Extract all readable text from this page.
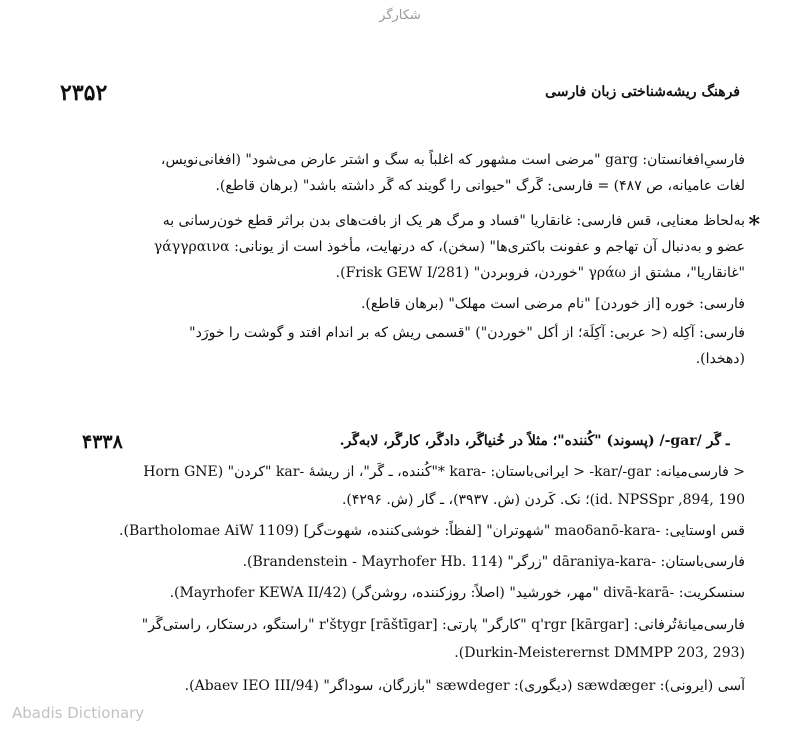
شکارگر
فرهنگ ریشه‌شناختی زبان فارسی
۲۳۵۲
فارسیِ‌افغانستان: garg "مرضی است مشهور که اغلباً به سگ و اشتر عارض می‌شود" (افغانی‌نویس،
لغات عامیانه، ص ۴۸۷) = فارسی: گَرگ "حیوانی را گویند که گَر داشته باشد" (برهان قاطع).
*
به‌لحاظ معنایی، قس فارسی: غانقاریا "فساد و مرگ هر یک از بافت‌های بدن براثر قطع خون‌رسانی به
عضو و به‌دنبال آن تهاجم و عفونت باکتری‌ها" (سخن)، که درنهایت، مأخوذ است از یونانی: γάγγραινα
"غانقاریا"، مشتق از γράω "خوردن، فروبردن" (Frisk GEW I/281).
فارسی: خوره [از خوردن] "نام مرضی است مهلک" (برهان قاطع).
فارسی: آکِله (< عربی: آکِلَة؛ از أکل "خوردن") "قسمی ریش که بر اندام افتد و گوشت را خورَد"
(دهخدا).
۴۳۳۸	ـ گَر /gar-/ (پسوند) "کُننده"؛ مثلاً در خُنیاگَر، دادگَر، کارگَر، لابه‌گَر.
< فارسی‌میانه: kar/-gar- < ایرانی‌باستان: -kara *"کُننده، ـ گَر"، از ریشهٔ -kar "کردن" (Horn GNE
190 ,894, id. NPSSpr)؛ نک. کَردن (ش. ۳۹۳۷)، ـ گار (ش. ۴۲۹۶).
قس اوستایی: -maoδanō-kara "شهوتران" [لفظاً: خوشی‌کننده، شهوت‌گر] (Bartholomae AiW 1109).
فارسی‌باستان: -dāraniya-kara "زرگر" (Brandenstein - Mayrhofer Hb. 114).
سنسکریت: -divā-karā "مهر، خورشید" (اصلاً: روزکننده، روشن‌گر) (Mayrhofer KEWA II/42).
فارسی‌میانهٔ‌تُرفانی: q'rgr [kārgar] "کارگر" پارتی: r'štygr [rāštīgar] "راستگو، درستکار، راستی‌گَر"
(Durkin-Meisterernst DMMPP 203, 293).
آسی (ایرونی): sæwdæger (دیگوری): sæwdeger "بازرگان، سوداگر" (Abaev IEO III/94).
Abadis Dictionary
